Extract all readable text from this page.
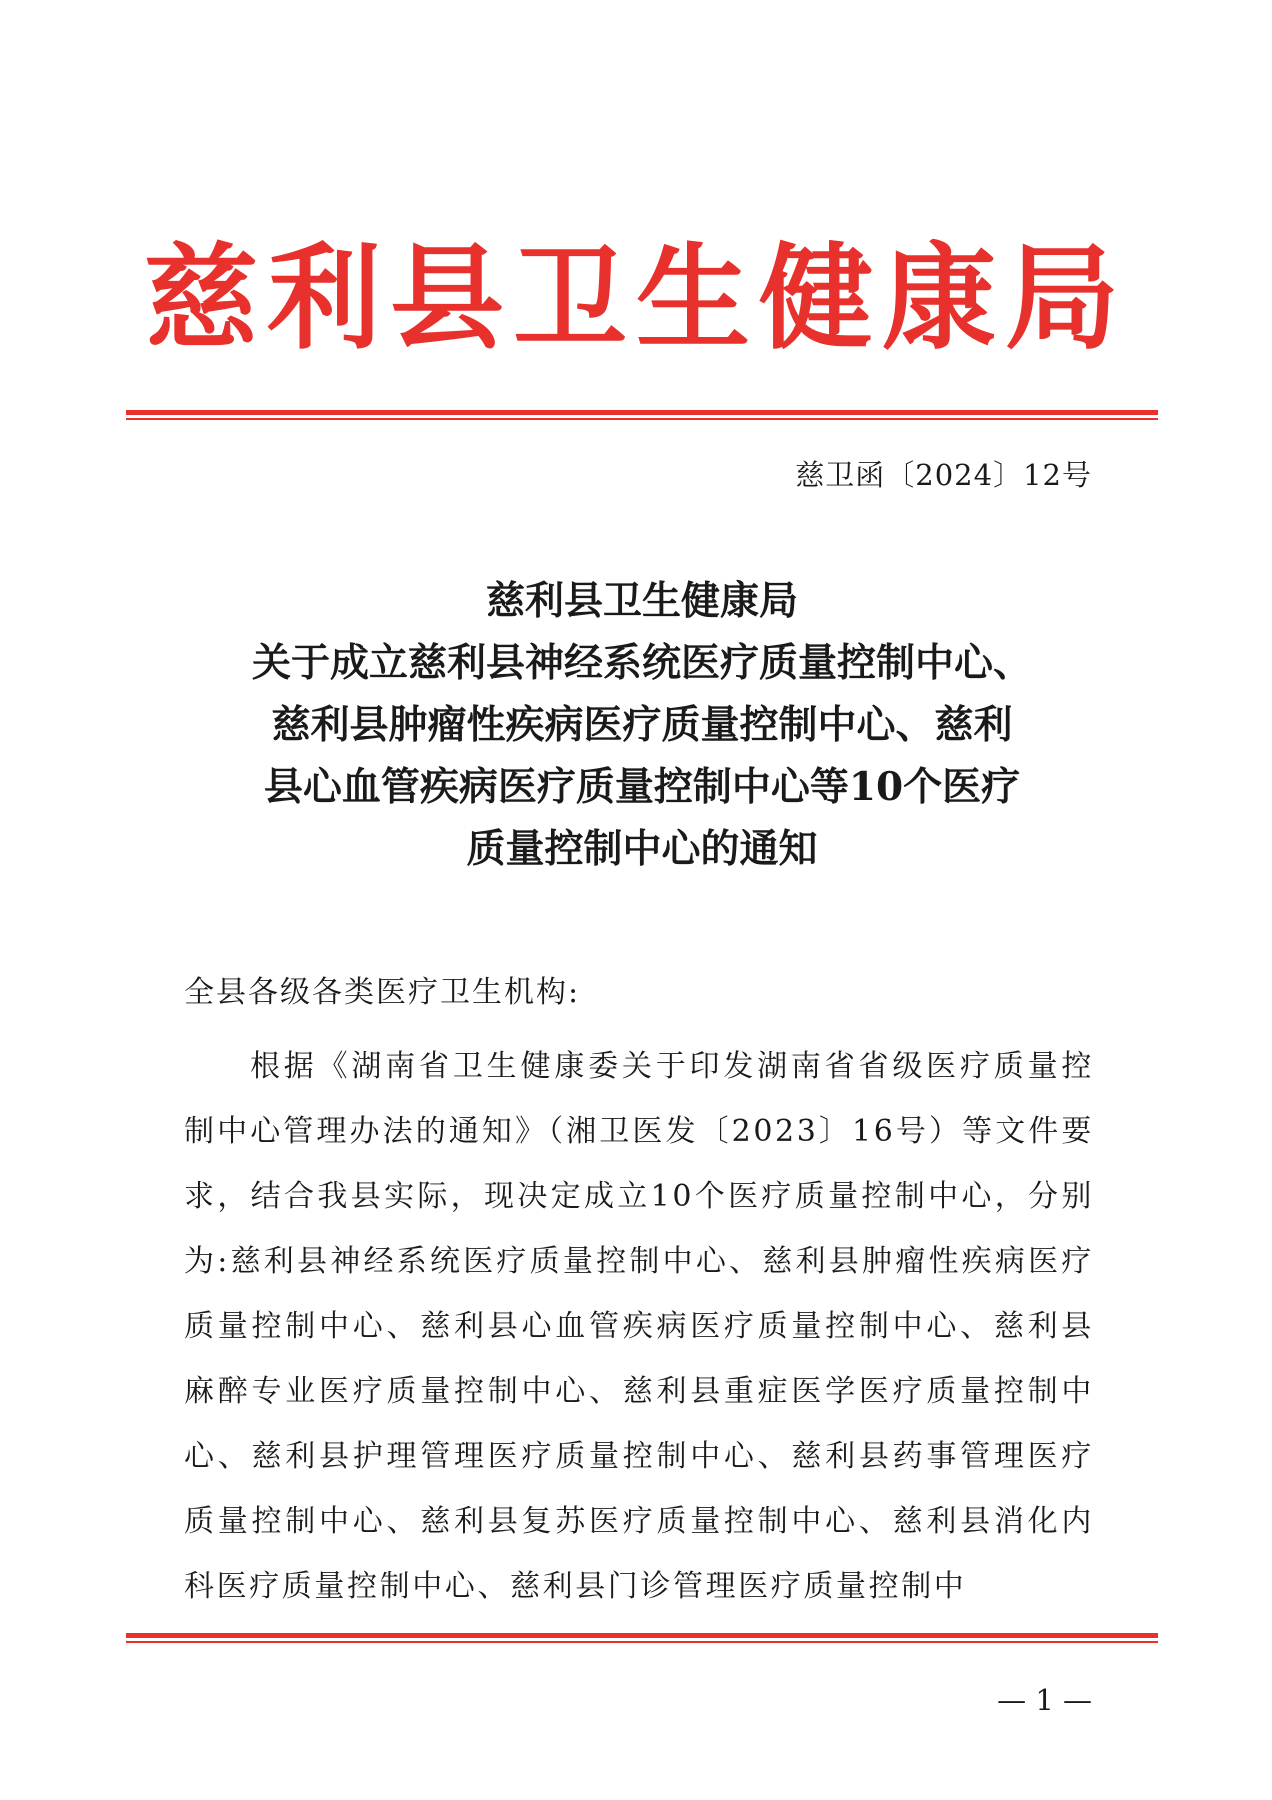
慈利县卫生健康局
慈卫函〔2024〕12号
慈利县卫生健康局
关于成立慈利县神经系统医疗质量控制中心、
慈利县肿瘤性疾病医疗质量控制中心、慈利
县心血管疾病医疗质量控制中心等10个医疗
质量控制中心的通知
全县各级各类医疗卫生机构:

根据《湖南省卫生健康委关于印发湖南省省级医疗质量控制中心管理办法的通知》（湘卫医发〔2023〕16号）等文件要求，结合我县实际，现决定成立10个医疗质量控制中心，分别为:慈利县神经系统医疗质量控制中心、慈利县肿瘤性疾病医疗质量控制中心、慈利县心血管疾病医疗质量控制中心、慈利县麻醉专业医疗质量控制中心、慈利县重症医学医疗质量控制中心、慈利县护理管理医疗质量控制中心、慈利县药事管理医疗质量控制中心、慈利县复苏医疗质量控制中心、慈利县消化内科医疗质量控制中心、慈利县门诊管理医疗质量控制中

— 1 —
